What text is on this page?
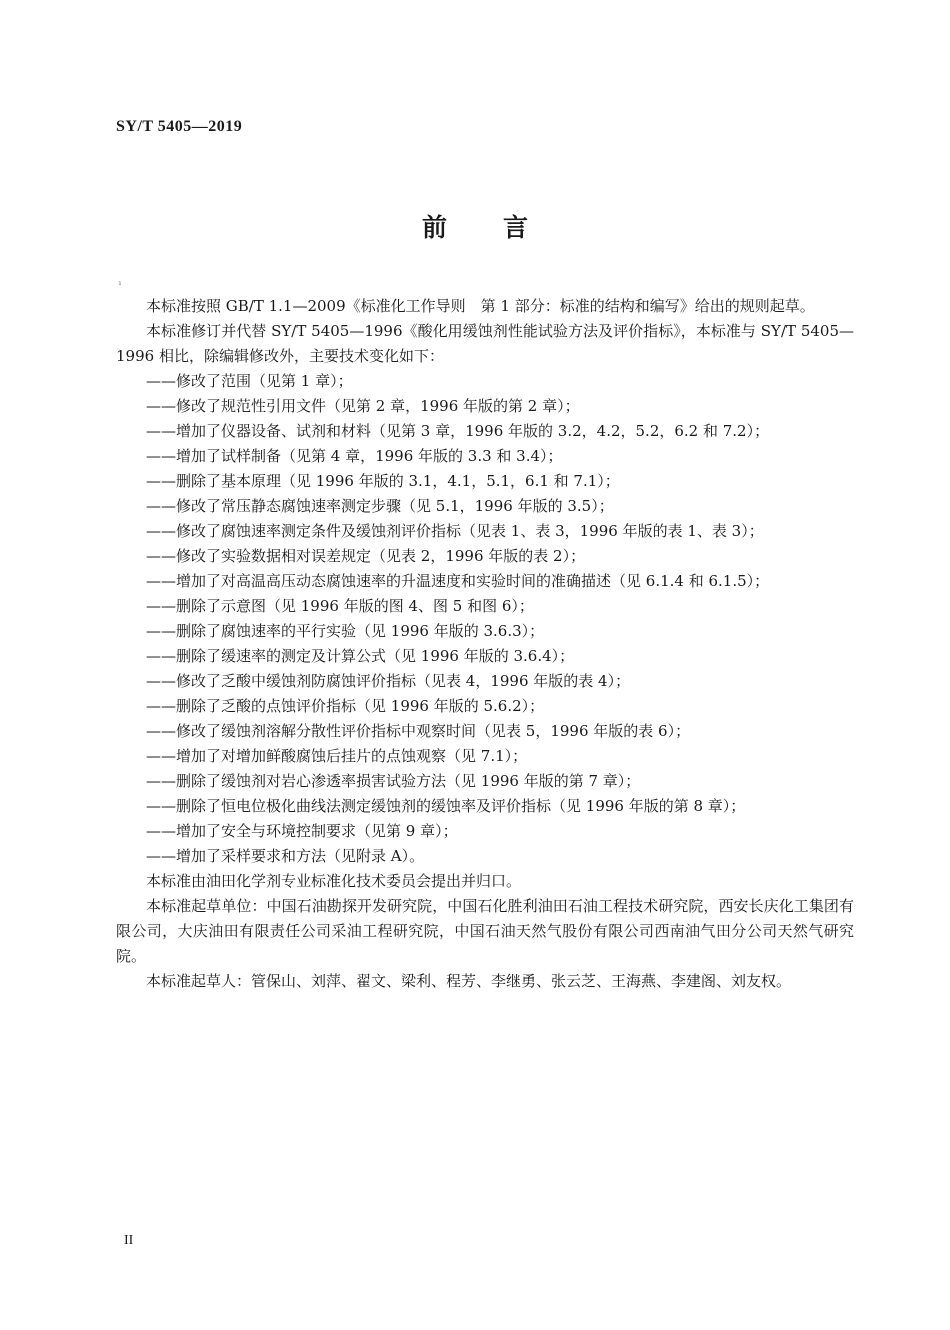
SY/T 5405—2019
前言
ı

本标准按照 GB/T 1.1—2009《标准化工作导则　第 1 部分：标准的结构和编写》给出的规则起草。

本标准修订并代替 SY/T 5405—1996《酸化用缓蚀剂性能试验方法及评价指标》，本标准与 SY/T 5405—1996 相比，除编辑修改外，主要技术变化如下：

——修改了范围（见第 1 章）；

——修改了规范性引用文件（见第 2 章，1996 年版的第 2 章）；

——增加了仪器设备、试剂和材料（见第 3 章，1996 年版的 3.2，4.2，5.2，6.2 和 7.2）；

——增加了试样制备（见第 4 章，1996 年版的 3.3 和 3.4）；

——删除了基本原理（见 1996 年版的 3.1，4.1，5.1，6.1 和 7.1）；

——修改了常压静态腐蚀速率测定步骤（见 5.1，1996 年版的 3.5）；

——修改了腐蚀速率测定条件及缓蚀剂评价指标（见表 1、表 3，1996 年版的表 1、表 3）；

——修改了实验数据相对误差规定（见表 2，1996 年版的表 2）；

——增加了对高温高压动态腐蚀速率的升温速度和实验时间的准确描述（见 6.1.4 和 6.1.5）；

——删除了示意图（见 1996 年版的图 4、图 5 和图 6）；

——删除了腐蚀速率的平行实验（见 1996 年版的 3.6.3）；

——删除了缓速率的测定及计算公式（见 1996 年版的 3.6.4）；

——修改了乏酸中缓蚀剂防腐蚀评价指标（见表 4，1996 年版的表 4）；

——删除了乏酸的点蚀评价指标（见 1996 年版的 5.6.2）；

——修改了缓蚀剂溶解分散性评价指标中观察时间（见表 5，1996 年版的表 6）；

——增加了对增加鲜酸腐蚀后挂片的点蚀观察（见 7.1）；

——删除了缓蚀剂对岩心渗透率损害试验方法（见 1996 年版的第 7 章）；

——删除了恒电位极化曲线法测定缓蚀剂的缓蚀率及评价指标（见 1996 年版的第 8 章）；

——增加了安全与环境控制要求（见第 9 章）；

——增加了采样要求和方法（见附录 A）。

本标准由油田化学剂专业标准化技术委员会提出并归口。

本标准起草单位：中国石油勘探开发研究院，中国石化胜利油田石油工程技术研究院，西安长庆化工集团有限公司，大庆油田有限责任公司采油工程研究院，中国石油天然气股份有限公司西南油气田分公司天然气研究院。

本标准起草人：管保山、刘萍、翟文、梁利、程芳、李继勇、张云芝、王海燕、李建阁、刘友权。

II
